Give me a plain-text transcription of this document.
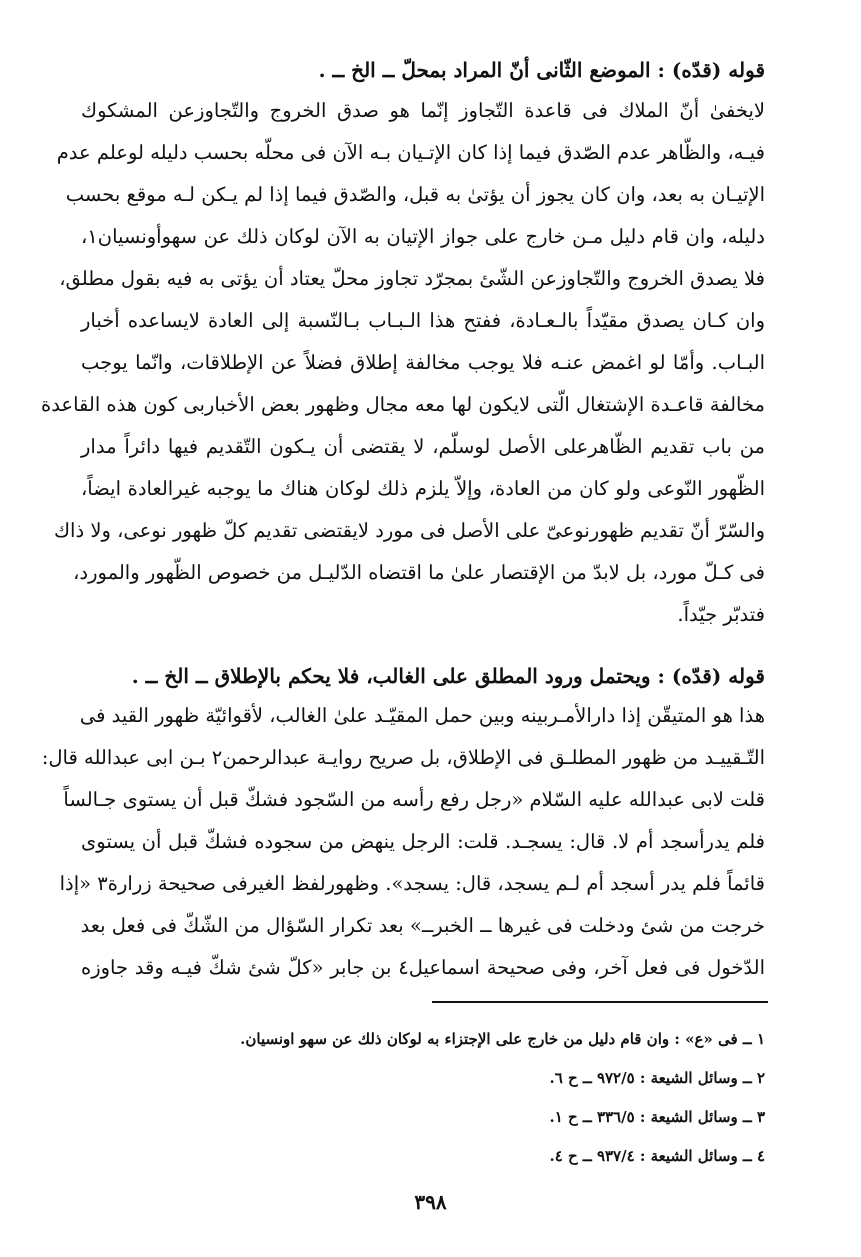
قوله (قدّه) : الموضع الثّانى أنّ المراد بمحلّ ــ الخ ــ .
لايخفىٰ أنّ الملاك فى قاعدة التّجاوز إنّما هو صدق الخروج والتّجاوزعن المشكوك
فيـه، والظّاهر عدم الصّدق فيما إذا كان الإتـيان بـه الآن فى محلّه بحسب دليله لوعلم عدم
الإتيـان به بعد، وان كان يجوز أن يؤتىٰ به قبل، والصّدق فيما إذا لم يـكن لـه موقع بحسب
دليله، وان قام دليل مـن خارج على جواز الإتيان به الآن لوكان ذلك عن سهوأونسيان١،
فلا يصدق الخروج والتّجاوزعن الشّئ بمجرّد تجاوز محلّ يعتاد أن يؤتى به فيه بقول مطلق،
وان كـان يصدق مقيّداً بالـعـادة، ففتح هذا الـبـاب بـالنّسبة إلى العادة لايساعده أخبار
البـاب. وأمّا لو اغمض عنـه فلا يوجب مخالفة إطلاق فضلاً عن الإطلاقات، وانّما يوجب
مخالفة قاعـدة الإشتغال الّتى لايكون لها معه مجال وظهور بعض الأخباربى كون هذه القاعدة
من باب تقديم الظّاهرعلى الأصل لوسلّم، لا يقتضى أن يـكون التّقديم فيها دائراً مدار
الظّهور النّوعى ولو كان من العادة، وإلاّ يلزم ذلك لوكان هناك ما يوجبه غيرالعادة ايضاً،
والسّرّ أنّ تقديم ظهورنوعىّ على الأصل فى مورد لايقتضى تقديم كلّ ظهور نوعى، ولا ذاك
فى كـلّ مورد، بل لابدّ من الإقتصار علىٰ ما اقتضاه الدّليـل من خصوص الظّهور والمورد،
فتدبّر جيّداً.
قوله (قدّه) : ويحتمل ورود المطلق على الغالب، فلا يحكم بالإطلاق ــ الخ ــ .
هذا هو المتيقّن إذا دارالأمـربينه وبين حمل المقيّـد علىٰ الغالب، لأقوائيّة ظهور القيد فى
التّـقييـد من ظهور المطلـق فى الإطلاق، بل صريح روايـة عبدالرحمن٢ بـن ابى عبدالله قال:
قلت لابى عبدالله عليه السّلام «رجل رفع رأسه من السّجود فشكّ قبل أن يستوى جـالساً
فلم يدرأسجد أم لا. قال: يسجـد. قلت: الرجل ينهض من سجوده فشكّ قبل أن يستوى
قائماً فلم يدر أسجد أم لـم يسجد، قال: يسجد». وظهورلفظ الغيرفى صحيحة زرارة٣ «إذا
خرجت من شئ ودخلت فى غيرها ــ الخبرــ» بعد تكرار السّؤال من الشّكّ فى فعل بعد
الدّخول فى فعل آخر، وفى صحيحة اسماعيل٤ بن جابر «كلّ شئ شكّ فيـه وقد جاوزه
١ ــ فى «ع» : وان قام دليل من خارج على الإجتزاء به لوكان ذلك عن سهو اونسيان.
٢ ــ وسائل الشيعة : ٩٧٢/٥ ــ ح ٦.
٣ ــ وسائل الشيعة : ٣٣٦/٥ ــ ح ١.
٤ ــ وسائل الشيعة : ٩٣٧/٤ ــ ح ٤.
٣٩٨
